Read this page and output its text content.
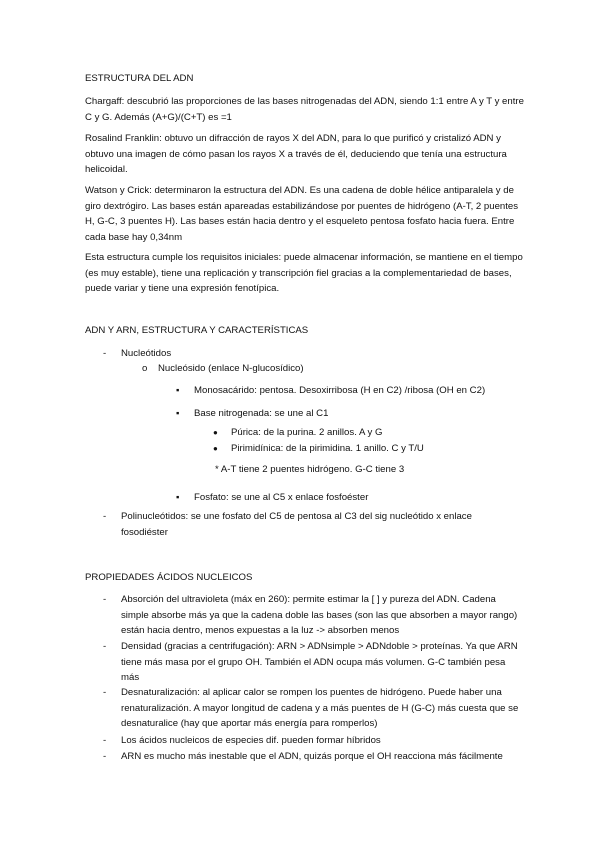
ESTRUCTURA DEL ADN

Chargaff: descubrió las proporciones de las bases nitrogenadas del ADN, siendo 1:1 entre A y T y entre C y G. Además (A+G)/(C+T) es =1

Rosalind Franklin: obtuvo un difracción de rayos X del ADN, para lo que purificó y cristalizó ADN y obtuvo una imagen de cómo pasan los rayos X a través de él, deduciendo que tenía una estructura helicoidal.

Watson y Crick: determinaron la estructura del ADN. Es una cadena de doble hélice antiparalela y de giro dextrógiro. Las bases están apareadas estabilizándose por puentes de hidrógeno (A-T, 2 puentes H, G-C, 3 puentes H). Las bases están hacia dentro y el esqueleto pentosa fosfato hacia fuera. Entre cada base hay 0,34nm

Esta estructura cumple los requisitos iniciales: puede almacenar información, se mantiene en el tiempo (es muy estable), tiene una replicación y transcripción fiel gracias a la complementariedad de bases, puede variar y tiene una expresión fenotípica.

ADN Y ARN, ESTRUCTURA Y CARACTERÍSTICAS

- Nucleótidos

o Nucleósido (enlace N-glucosídico)

▪ Monosacárido: pentosa. Desoxirribosa (H en C2) /ribosa (OH en C2)

▪ Base nitrogenada: se une al C1

● Púrica: de la purina. 2 anillos. A y G

● Pirimidínica: de la pirimidina. 1 anillo. C y T/U

* A-T tiene 2 puentes hidrógeno. G-C tiene 3

▪ Fosfato: se une al C5 x enlace fosfoéster

- Polinucleótidos: se une fosfato del C5 de pentosa al C3 del sig nucleótido x enlace fosodiéster

PROPIEDADES ÁCIDOS NUCLEICOS

- Absorción del ultravioleta (máx en 260): permite estimar la [ ] y pureza del ADN. Cadena simple absorbe más ya que la cadena doble las bases (son las que absorben a mayor rango) están hacia dentro, menos expuestas a la luz -> absorben menos

- Densidad (gracias a centrifugación): ARN > ADNsimple > ADNdoble > proteínas. Ya que ARN tiene más masa por el grupo OH. También el ADN ocupa más volumen. G-C también pesa más

- Desnaturalización: al aplicar calor se rompen los puentes de hidrógeno. Puede haber una renaturalización. A mayor longitud de cadena y a más puentes de H (G-C) más cuesta que se desnaturalice (hay que aportar más energía para romperlos)

- Los ácidos nucleicos de especies dif. pueden formar híbridos

- ARN es mucho más inestable que el ADN, quizás porque el OH reacciona más fácilmente
